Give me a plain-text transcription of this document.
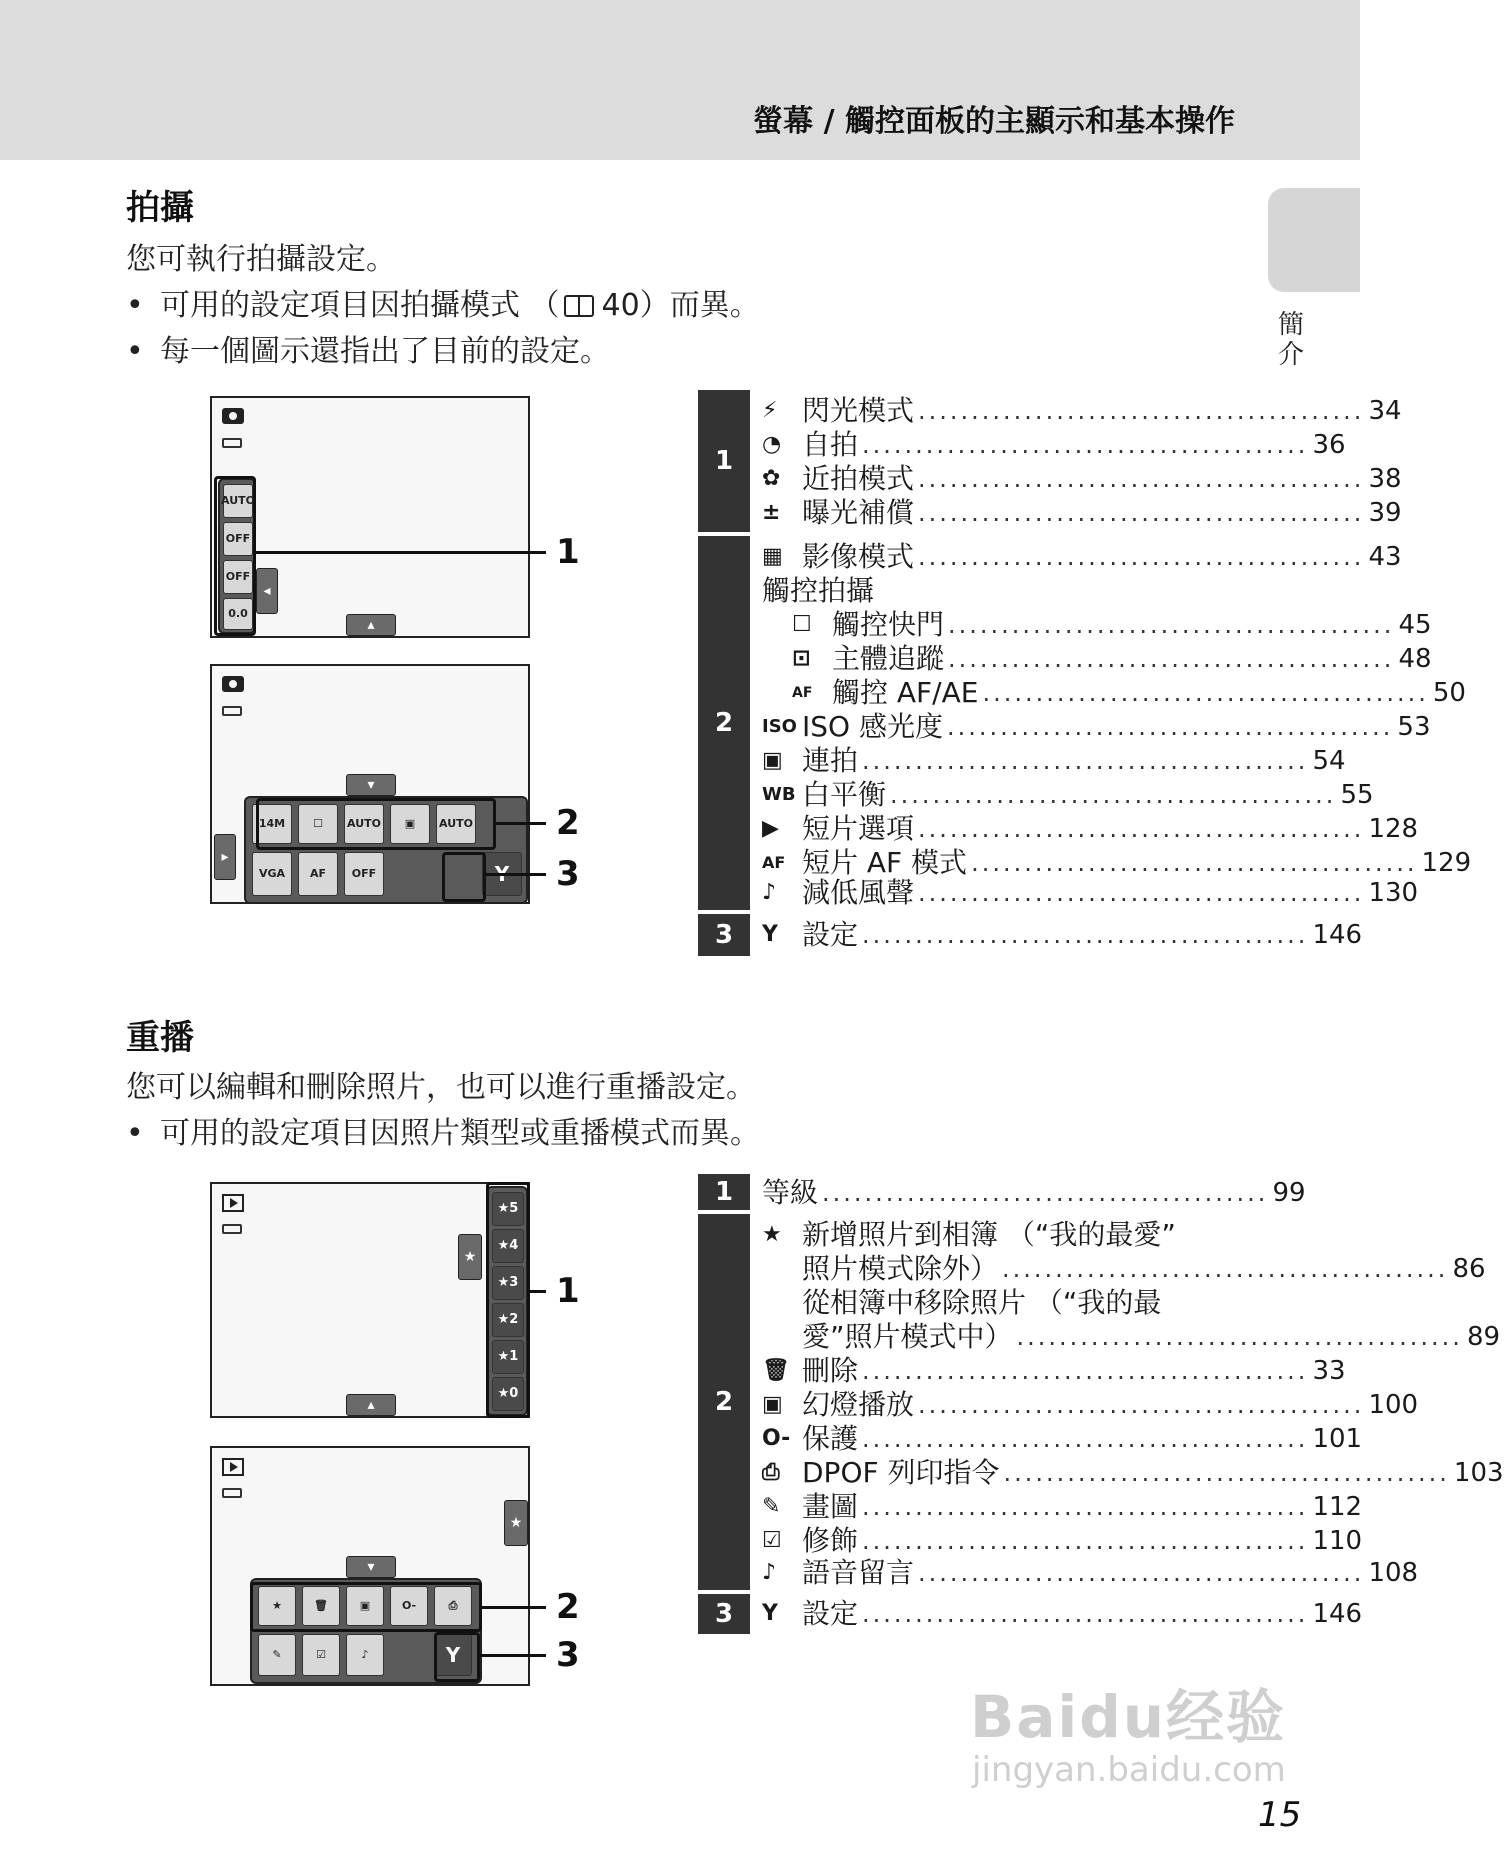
螢幕 / 觸控面板的主顯示和基本操作
簡介
拍攝
您可執行拍攝設定。
• 可用的設定項目因拍攝模式 （ 40）而異。
• 每一個圖示還指出了目前的設定。
AUTO
OFF
OFF
0.0
◂
▴
1
▾
▸
14M	☐	AUTO	▣	AUTO
VGA AF OFF
2
3
1
⚡ 閃光模式 .......................................... 34
◔ 自拍 .......................................... 36
✿ 近拍模式 .......................................... 38
± 曝光補償 .......................................... 39
2
▦ 影像模式 .......................................... 43
觸控拍攝
☐ 觸控快門 .......................................... 45
⊡ 主體追蹤 .......................................... 48
AF 觸控 AF/AE .......................................... 50
ISO ISO 感光度 .......................................... 53
▣ 連拍 .......................................... 54
WB 白平衡 .......................................... 55
▶ 短片選項 .......................................... 128
AF 短片 AF 模式 .......................................... 129
♪ 減低風聲 .......................................... 130
3	Y 設定 .......................................... 146
重播
您可以編輯和刪除照片，也可以進行重播設定。
• 可用的設定項目因照片類型或重播模式而異。
★
★5
★4
★3
★2
★1
★0
▴
1
★
▾
★	🗑	▣	O-	⎙
✎	☑	♪	Y
2
3
1	等級 .......................................... 99
2
★ 新增照片到相簿 （“我的最愛”
照片模式除外） .......................................... 86
從相簿中移除照片 （“我的最
愛”照片模式中） .......................................... 89
🗑 刪除 .......................................... 33
▣ 幻燈播放 .......................................... 100
O- 保護 .......................................... 101
⎙ DPOF 列印指令 .......................................... 103
✎ 畫圖 .......................................... 112
☑ 修飾 .......................................... 110
♪ 語音留言 .......................................... 108
3	Y 設定 .......................................... 146
Baidu经验
jingyan.baidu.com
15
